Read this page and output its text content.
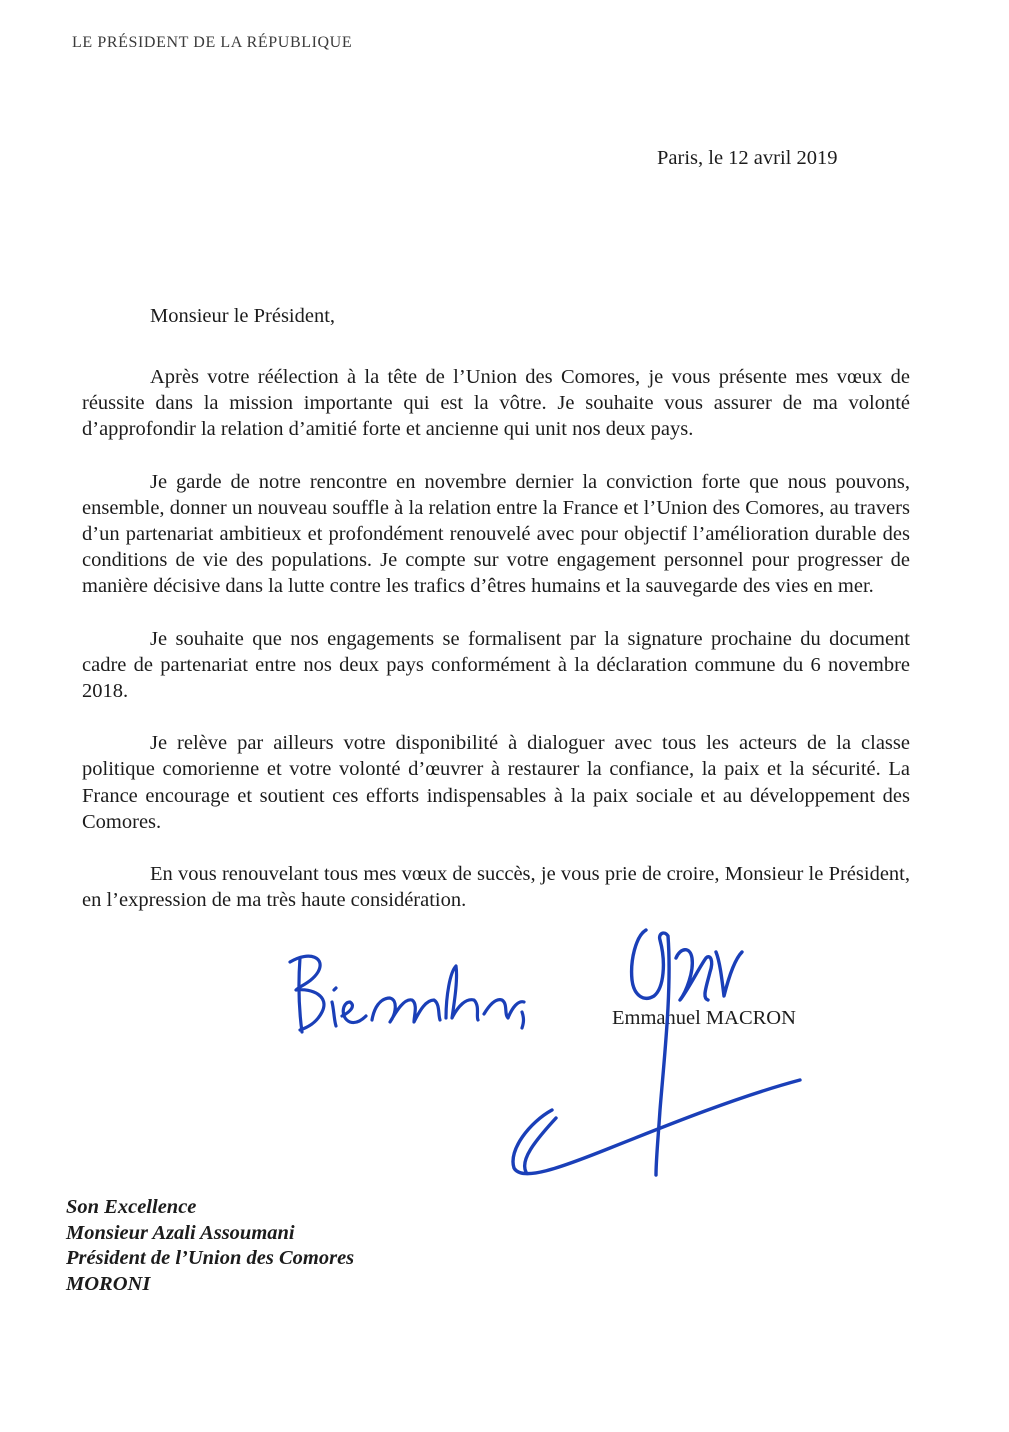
LE PRÉSIDENT DE LA RÉPUBLIQUE
Paris, le 12 avril 2019
Monsieur le Président,

Après votre réélection à la tête de l’Union des Comores, je vous présente mes vœux de réussite dans la mission importante qui est la vôtre. Je souhaite vous assurer de ma volonté d’approfondir la relation d’amitié forte et ancienne qui unit nos deux pays.

Je garde de notre rencontre en novembre dernier la conviction forte que nous pouvons, ensemble, donner un nouveau souffle à la relation entre la France et l’Union des Comores, au travers d’un partenariat ambitieux et profondément renouvelé avec pour objectif l’amélioration durable des conditions de vie des populations. Je compte sur votre engagement personnel pour progresser de manière décisive dans la lutte contre les trafics d’êtres humains et la sauvegarde des vies en mer.

Je souhaite que nos engagements se formalisent par la signature prochaine du document cadre de partenariat entre nos deux pays conformément à la déclaration commune du 6 novembre 2018.

Je relève par ailleurs votre disponibilité à dialoguer avec tous les acteurs de la classe politique comorienne et votre volonté d’œuvrer à restaurer la confiance, la paix et la sécurité. La France encourage et soutient ces efforts indispensables à la paix sociale et au développement des Comores.

En vous renouvelant tous mes vœux de succès, je vous prie de croire, Monsieur le Président, en l’expression de ma très haute considération.

Emmanuel MACRON
Son Excellence
Monsieur Azali Assoumani
Président de l’Union des Comores
MORONI
